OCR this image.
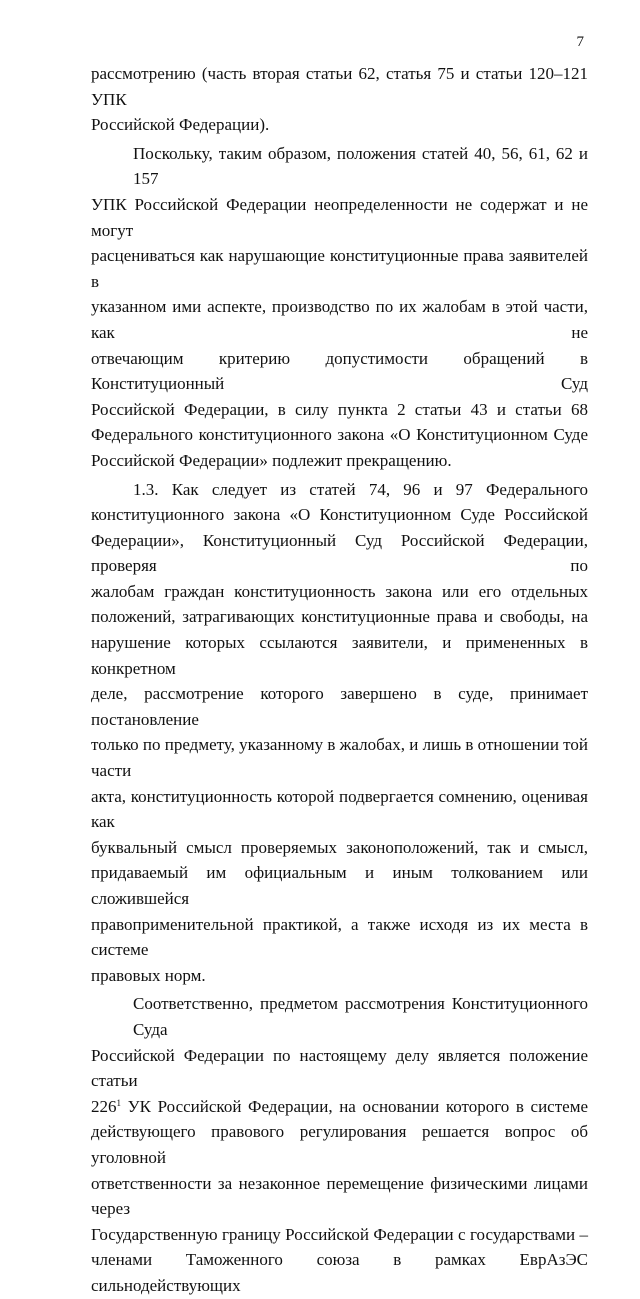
7
рассмотрению (часть вторая статьи 62, статья 75 и статьи 120–121 УПК
Российской Федерации).
Поскольку, таким образом, положения статей 40, 56, 61, 62 и 157
УПК Российской Федерации неопределенности не содержат и не могут
расцениваться как нарушающие конституционные права заявителей в
указанном ими аспекте, производство по их жалобам в этой части, как не
отвечающим критерию допустимости обращений в Конституционный Суд
Российской Федерации, в силу пункта 2 статьи 43 и статьи 68
Федерального конституционного закона «О Конституционном Суде
Российской Федерации» подлежит прекращению.
1.3. Как следует из статей 74, 96 и 97 Федерального
конституционного закона «О Конституционном Суде Российской
Федерации», Конституционный Суд Российской Федерации, проверяя по
жалобам граждан конституционность закона или его отдельных
положений, затрагивающих конституционные права и свободы, на
нарушение которых ссылаются заявители, и примененных в конкретном
деле, рассмотрение которого завершено в суде, принимает постановление
только по предмету, указанному в жалобах, и лишь в отношении той части
акта, конституционность которой подвергается сомнению, оценивая как
буквальный смысл проверяемых законоположений, так и смысл,
придаваемый им официальным и иным толкованием или сложившейся
правоприменительной практикой, а также исходя из их места в системе
правовых норм.
Соответственно, предметом рассмотрения Конституционного Суда
Российской Федерации по настоящему делу является положение статьи
$226^1$ УК Российской Федерации, на основании которого в системе
действующего правового регулирования решается вопрос об уголовной
ответственности за незаконное перемещение физическими лицами через
Государственную границу Российской Федерации с государствами –
членами Таможенного союза в рамках ЕврАзЭС сильнодействующих
